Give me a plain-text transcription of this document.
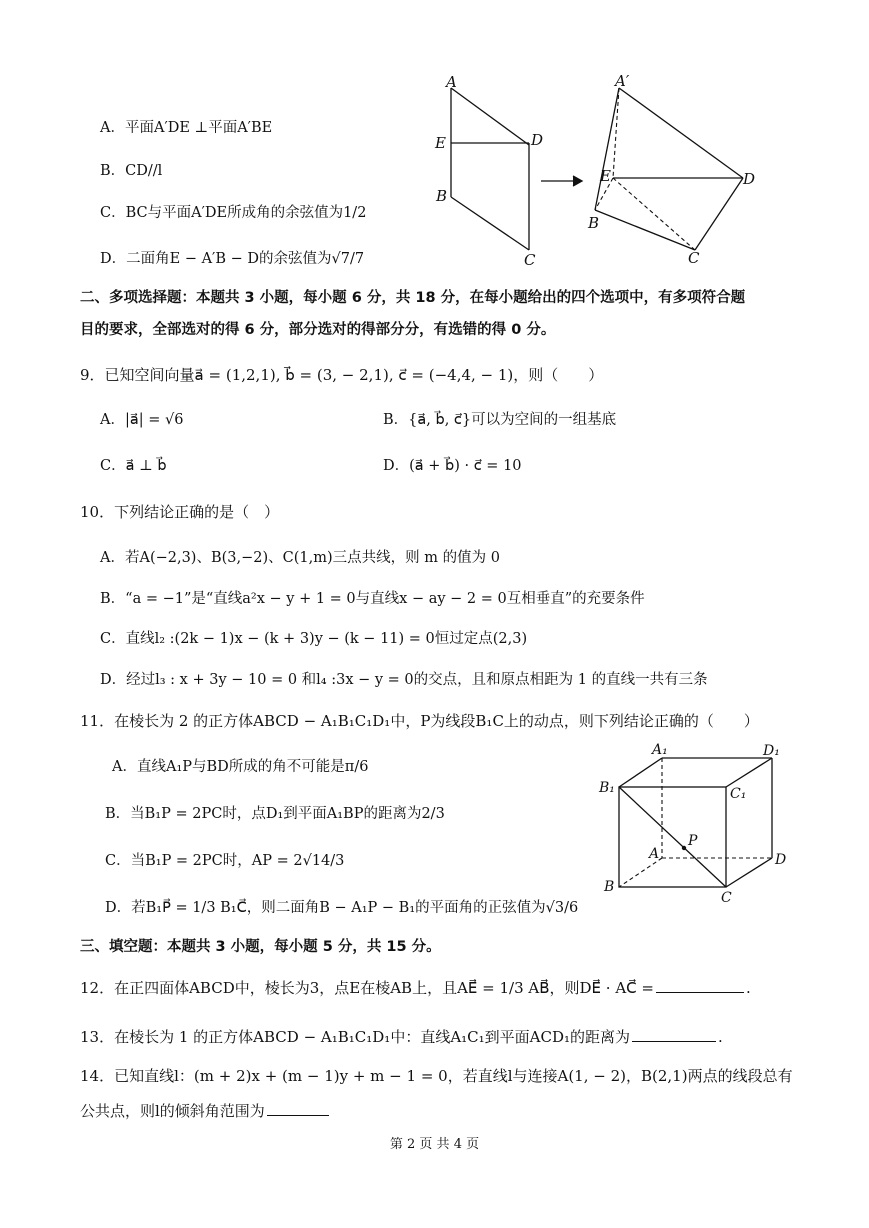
A．平面A′DE ⊥平面A′BE
B．CD//l
C．BC与平面A′DE所成角的余弦值为1/2
D．二面角E − A′B − D的余弦值为√7/7
A
E	D
B
C
A′
E	D
B
C
二、多项选择题：本题共 3 小题，每小题 6 分，共 18 分，在每小题给出的四个选项中，有多项符合题
目的要求，全部选对的得 6 分，部分选对的得部分分，有选错的得 0 分。
9．已知空间向量a⃗ = (1,2,1), b⃗ = (3, − 2,1), c⃗ = (−4,4, − 1)，则（　　）
A．|a⃗| = √6	B．{a⃗, b⃗, c⃗}可以为空间的一组基底
C．a⃗ ⊥ b⃗	D．(a⃗ + b⃗) · c⃗ = 10
10．下列结论正确的是（　）
A．若A(−2,3)、B(3,−2)、C(1,m)三点共线，则 m 的值为 0
B．“a = −1”是“直线a²x − y + 1 = 0与直线x − ay − 2 = 0互相垂直”的充要条件
C．直线l₂ :(2k − 1)x − (k + 3)y − (k − 11) = 0恒过定点(2,3)
D．经过l₃ : x + 3y − 10 = 0 和l₄ :3x − y = 0的交点，且和原点相距为 1 的直线一共有三条
11．在棱长为 2 的正方体ABCD − A₁B₁C₁D₁中，P为线段B₁C上的动点，则下列结论正确的（　　）
A．直线A₁P与BD所成的角不可能是π/6
B．当B₁P = 2PC时，点D₁到平面A₁BP的距离为2/3
C．当B₁P = 2PC时，AP = 2√14/3
D．若B₁P⃗ = 1/3 B₁C⃗，则二面角B − A₁P − B₁的平面角的正弦值为√3/6
A₁	D₁
B₁	C₁
A	D
B
C
P
三、填空题：本题共 3 小题，每小题 5 分，共 15 分。
12．在正四面体ABCD中，棱长为3，点E在棱AB上，且AE⃗ = 1/3 AB⃗，则DE⃗ · AC⃗ =	.
13．在棱长为 1 的正方体ABCD − A₁B₁C₁D₁中：直线A₁C₁到平面ACD₁的距离为	.
14．已知直线l：(m + 2)x + (m − 1)y + m − 1 = 0，若直线l与连接A(1, − 2)，B(2,1)两点的线段总有
公共点，则l的倾斜角范围为
第 2 页 共 4 页
